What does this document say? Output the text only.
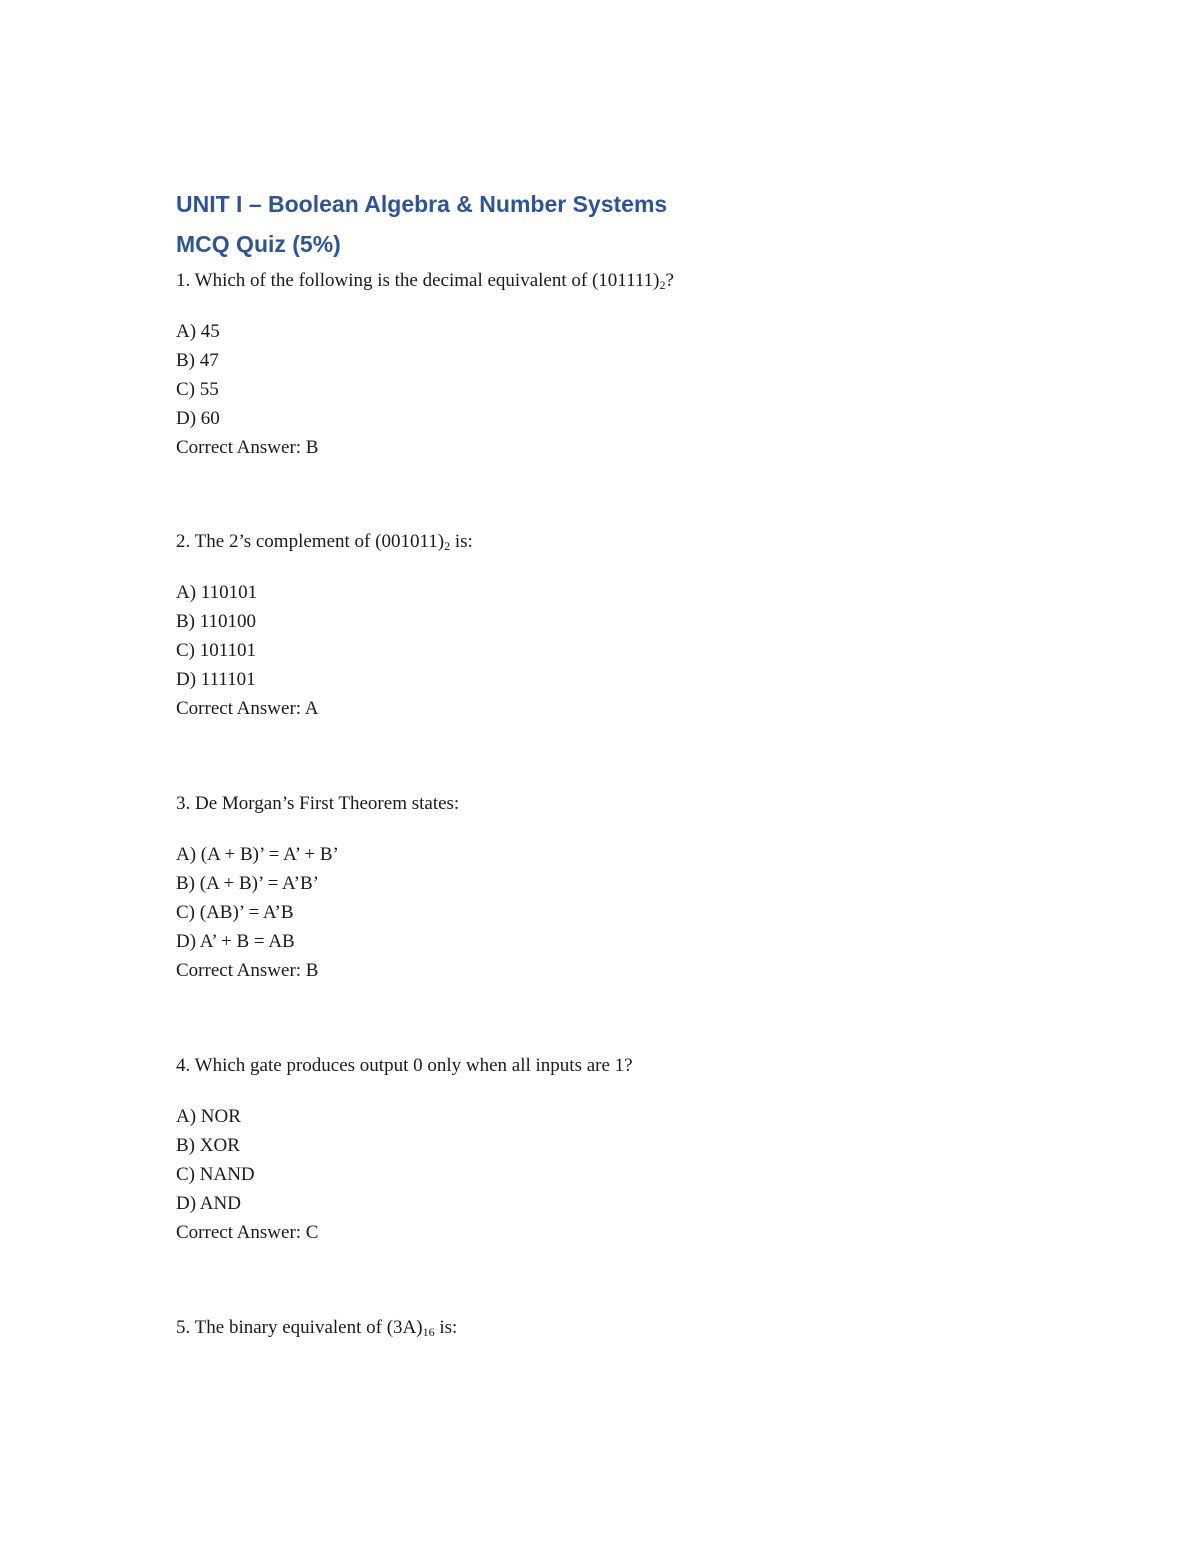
UNIT I – Boolean Algebra & Number Systems
MCQ Quiz (5%)
1. Which of the following is the decimal equivalent of $(101111)_2$?
A) 45
B) 47
C) 55
D) 60
Correct Answer: B
2. The 2’s complement of $(001011)_2$ is:
A) 110101
B) 110100
C) 101101
D) 111101
Correct Answer: A
3. De Morgan’s First Theorem states:
A) (A + B)’ = A’ + B’
B) (A + B)’ = A’B’
C) (AB)’ = A’B
D) A’ + B = AB
Correct Answer: B
4. Which gate produces output 0 only when all inputs are 1?
A) NOR
B) XOR
C) NAND
D) AND
Correct Answer: C
5. The binary equivalent of $(3A)_{16}$ is:
